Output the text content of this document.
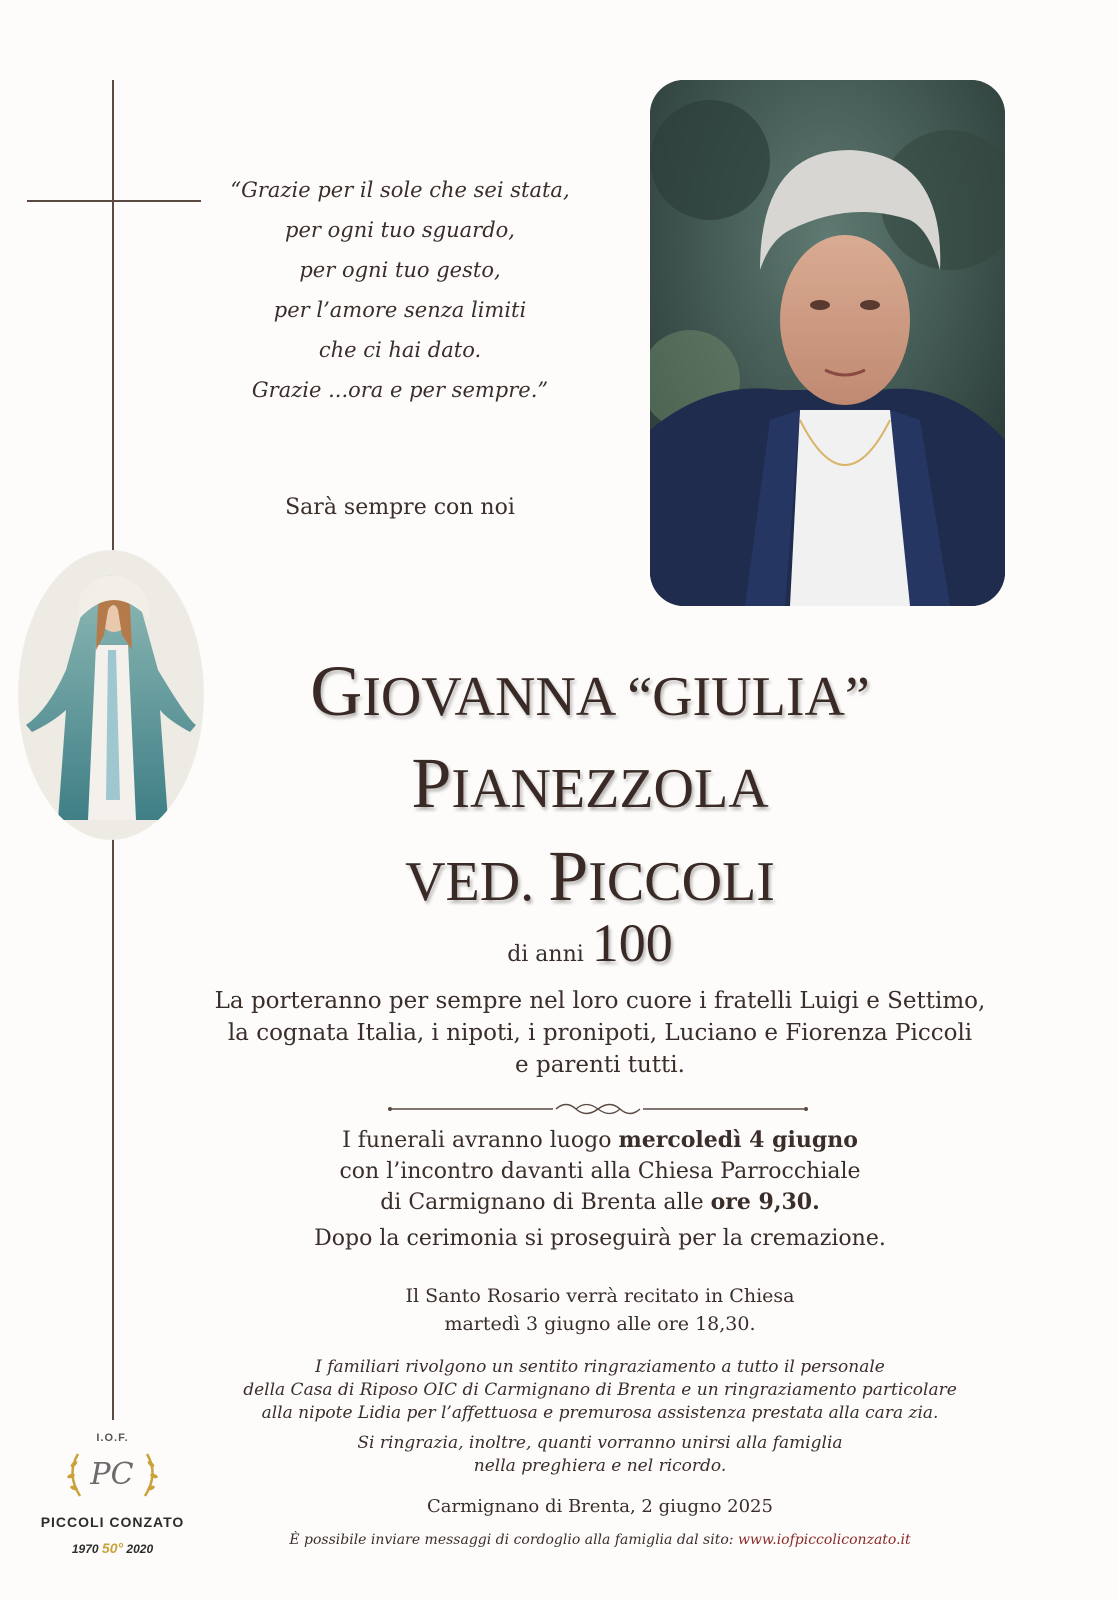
“Grazie per il sole che sei stata,
per ogni tuo sguardo,
per ogni tuo gesto,
per l’amore senza limiti
che ci hai dato.
Grazie ...ora e per sempre.”
Sarà sempre con noi
GIOVANNA “GIULIA”
PIANEZZOLA
VED. PICCOLI
di anni 100
La porteranno per sempre nel loro cuore i fratelli Luigi e Settimo,
la cognata Italia, i nipoti, i pronipoti, Luciano e Fiorenza Piccoli
e parenti tutti.
I funerali avranno luogo mercoledì 4 giugno
con l’incontro davanti alla Chiesa Parrocchiale
di Carmignano di Brenta alle ore 9,30.
Dopo la cerimonia si proseguirà per la cremazione.
Il Santo Rosario verrà recitato in Chiesa
martedì 3 giugno alle ore 18,30.
I familiari rivolgono un sentito ringraziamento a tutto il personale
della Casa di Riposo OIC di Carmignano di Brenta e un ringraziamento particolare
alla nipote Lidia per l’affettuosa e premurosa assistenza prestata alla cara zia.
Si ringrazia, inoltre, quanti vorranno unirsi alla famiglia
nella preghiera e nel ricordo.
Carmignano di Brenta, 2 giugno 2025
È possibile inviare messaggi di cordoglio alla famiglia dal sito: www.iofpiccoliconzato.it
I.O.F.
PC
PICCOLI CONZATO
1970 50° 2020
